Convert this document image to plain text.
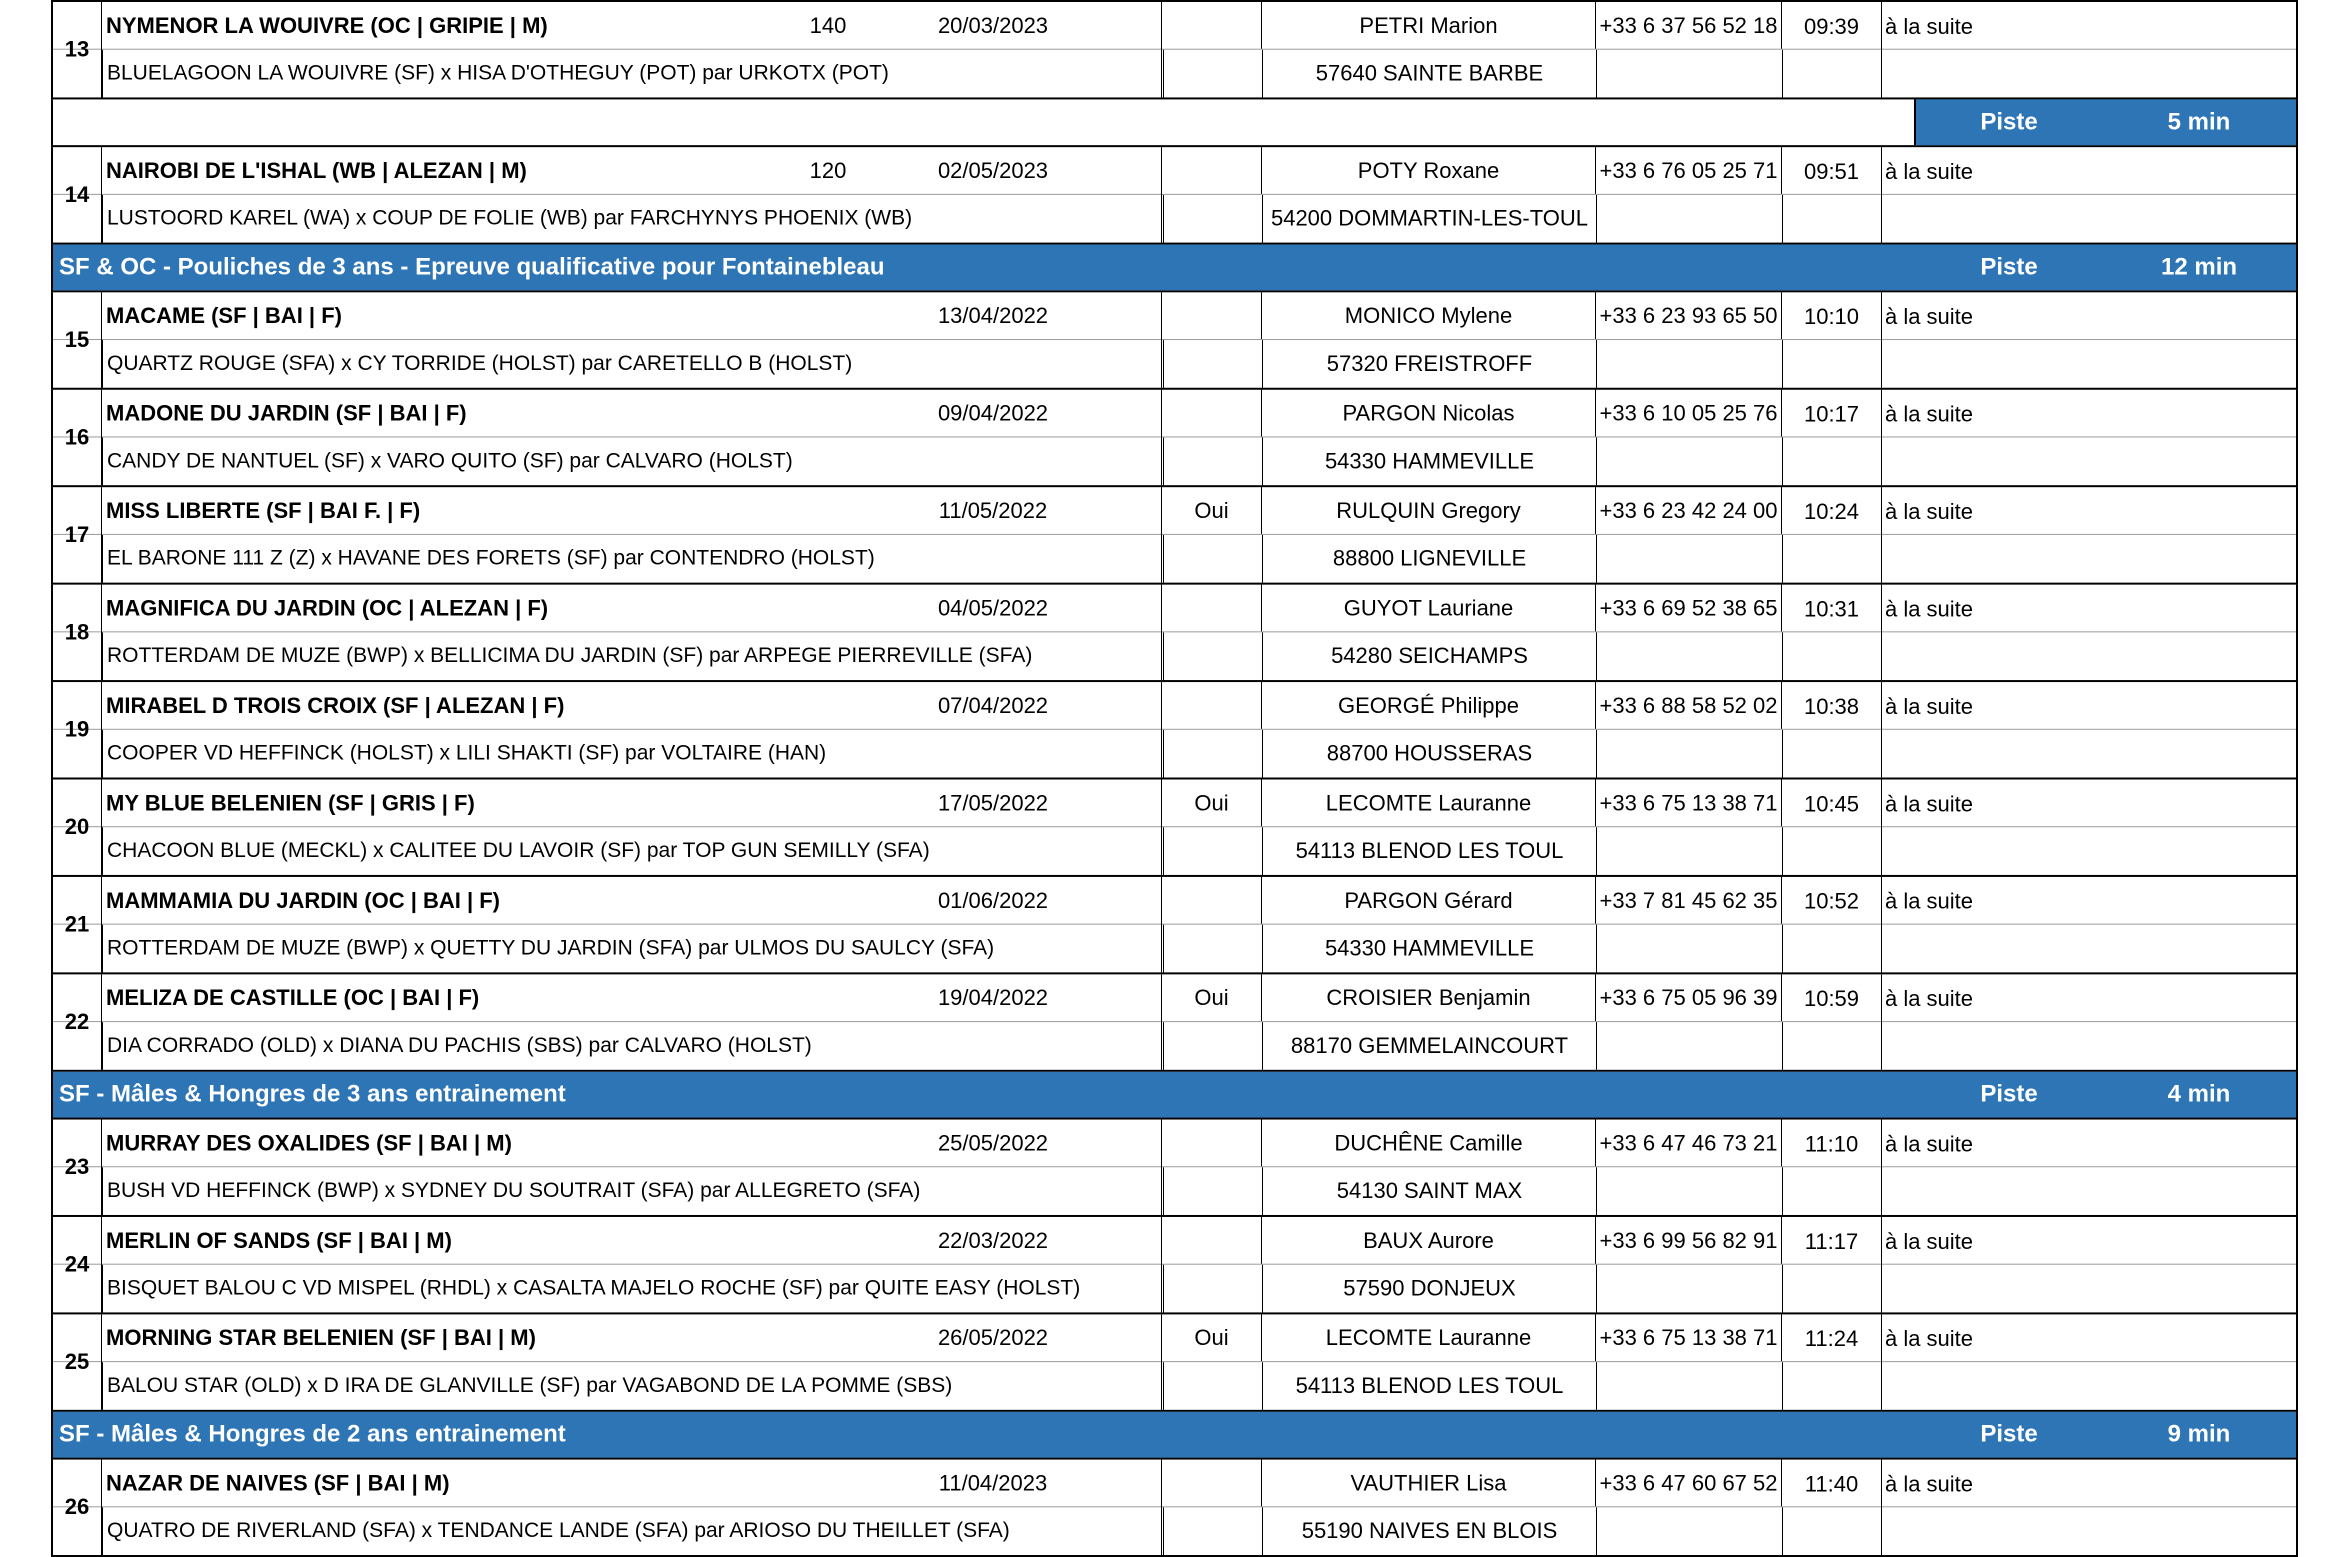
13
NYMENOR LA WOUIVRE (OC | GRIPIE | M)	140	20/03/2023	PETRI Marion	+33 6 37 56 52 18	09:39	à la suite
BLUELAGOON LA WOUIVRE (SF) x HISA D'OTHEGUY (POT) par URKOTX (POT)	57640 SAINTE BARBE
Piste	5 min
14
NAIROBI DE L'ISHAL (WB | ALEZAN | M)	120	02/05/2023	POTY Roxane	+33 6 76 05 25 71	09:51	à la suite
LUSTOORD KAREL (WA) x COUP DE FOLIE (WB) par FARCHYNYS PHOENIX (WB)	54200 DOMMARTIN-LES-TOUL
SF & OC - Pouliches de 3 ans - Epreuve qualificative pour Fontainebleau	Piste	12 min
15
MACAME (SF | BAI | F)	13/04/2022	MONICO Mylene	+33 6 23 93 65 50	10:10	à la suite
QUARTZ ROUGE (SFA) x CY TORRIDE (HOLST) par CARETELLO B (HOLST)	57320 FREISTROFF
16
MADONE DU JARDIN (SF | BAI | F)	09/04/2022	PARGON Nicolas	+33 6 10 05 25 76	10:17	à la suite
CANDY DE NANTUEL (SF) x VARO QUITO (SF) par CALVARO (HOLST)	54330 HAMMEVILLE
17
MISS LIBERTE (SF | BAI F. | F)	11/05/2022	Oui	RULQUIN Gregory	+33 6 23 42 24 00	10:24	à la suite
EL BARONE 111 Z (Z) x HAVANE DES FORETS (SF) par CONTENDRO (HOLST)	88800 LIGNEVILLE
18
MAGNIFICA DU JARDIN (OC | ALEZAN | F)	04/05/2022	GUYOT Lauriane	+33 6 69 52 38 65	10:31	à la suite
ROTTERDAM DE MUZE (BWP) x BELLICIMA DU JARDIN (SF) par ARPEGE PIERREVILLE (SFA)	54280 SEICHAMPS
19
MIRABEL D TROIS CROIX (SF | ALEZAN | F)	07/04/2022	GEORGÉ Philippe	+33 6 88 58 52 02	10:38	à la suite
COOPER VD HEFFINCK (HOLST) x LILI SHAKTI (SF) par VOLTAIRE (HAN)	88700 HOUSSERAS
20
MY BLUE BELENIEN (SF | GRIS | F)	17/05/2022	Oui	LECOMTE Lauranne	+33 6 75 13 38 71	10:45	à la suite
CHACOON BLUE (MECKL) x CALITEE DU LAVOIR (SF) par TOP GUN SEMILLY (SFA)	54113 BLENOD LES TOUL
21
MAMMAMIA DU JARDIN (OC | BAI | F)	01/06/2022	PARGON Gérard	+33 7 81 45 62 35	10:52	à la suite
ROTTERDAM DE MUZE (BWP) x QUETTY DU JARDIN (SFA) par ULMOS DU SAULCY (SFA)	54330 HAMMEVILLE
22
MELIZA DE CASTILLE (OC | BAI | F)	19/04/2022	Oui	CROISIER Benjamin	+33 6 75 05 96 39	10:59	à la suite
DIA CORRADO (OLD) x DIANA DU PACHIS (SBS) par CALVARO (HOLST)	88170 GEMMELAINCOURT
SF - Mâles & Hongres de 3 ans entrainement	Piste	4 min
23
MURRAY DES OXALIDES (SF | BAI | M)	25/05/2022	DUCHÊNE Camille	+33 6 47 46 73 21	11:10	à la suite
BUSH VD HEFFINCK (BWP) x SYDNEY DU SOUTRAIT (SFA) par ALLEGRETO (SFA)	54130 SAINT MAX
24
MERLIN OF SANDS (SF | BAI | M)	22/03/2022	BAUX Aurore	+33 6 99 56 82 91	11:17	à la suite
BISQUET BALOU C VD MISPEL (RHDL) x CASALTA MAJELO ROCHE (SF) par QUITE EASY (HOLST)	57590 DONJEUX
25
MORNING STAR BELENIEN (SF | BAI | M)	26/05/2022	Oui	LECOMTE Lauranne	+33 6 75 13 38 71	11:24	à la suite
BALOU STAR (OLD) x D IRA DE GLANVILLE (SF) par VAGABOND DE LA POMME (SBS)	54113 BLENOD LES TOUL
SF - Mâles & Hongres de 2 ans entrainement	Piste	9 min
26
NAZAR DE NAIVES (SF | BAI | M)	11/04/2023	VAUTHIER Lisa	+33 6 47 60 67 52	11:40	à la suite
QUATRO DE RIVERLAND (SFA) x TENDANCE LANDE (SFA) par ARIOSO DU THEILLET (SFA)	55190 NAIVES EN BLOIS
